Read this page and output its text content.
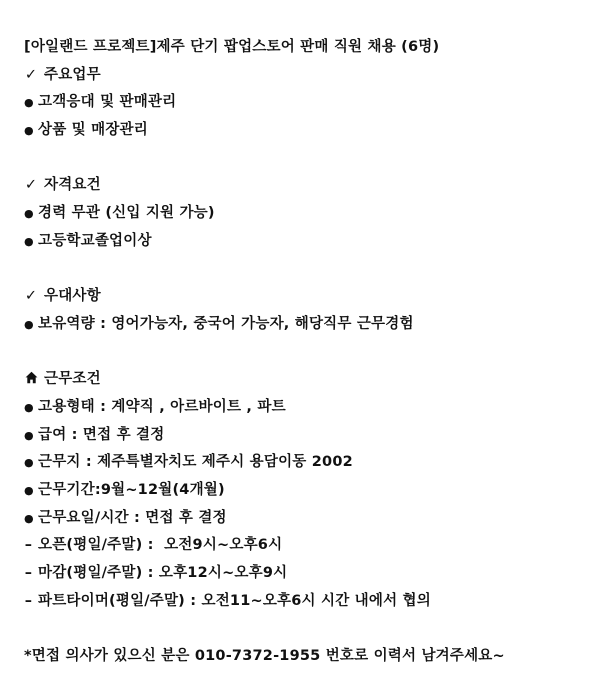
[아일랜드 프로젝트]제주 단기 팝업스토어 판매 직원 채용 (6명)
✓ 주요업무
● 고객응대 및 판매관리
● 상품 및 매장관리
✓ 자격요건
● 경력 무관 (신입 지원 가능)
● 고등학교졸업이상
✓ 우대사항
● 보유역량 : 영어가능자, 중국어 가능자, 해당직무 근무경험
근무조건
● 고용형태 : 계약직 , 아르바이트 , 파트
● 급여 : 면접 후 결정
● 근무지 : 제주특별자치도 제주시 용담이동 2002
● 근무기간:9월~12월(4개월)
● 근무요일/시간 : 면접 후 결정
– 오픈(평일/주말) :  오전9시~오후6시
– 마감(평일/주말) : 오후12시~오후9시
– 파트타이머(평일/주말) : 오전11~오후6시 시간 내에서 협의
*면접 의사가 있으신 분은 010-7372-1955 번호로 이력서 남겨주세요~
